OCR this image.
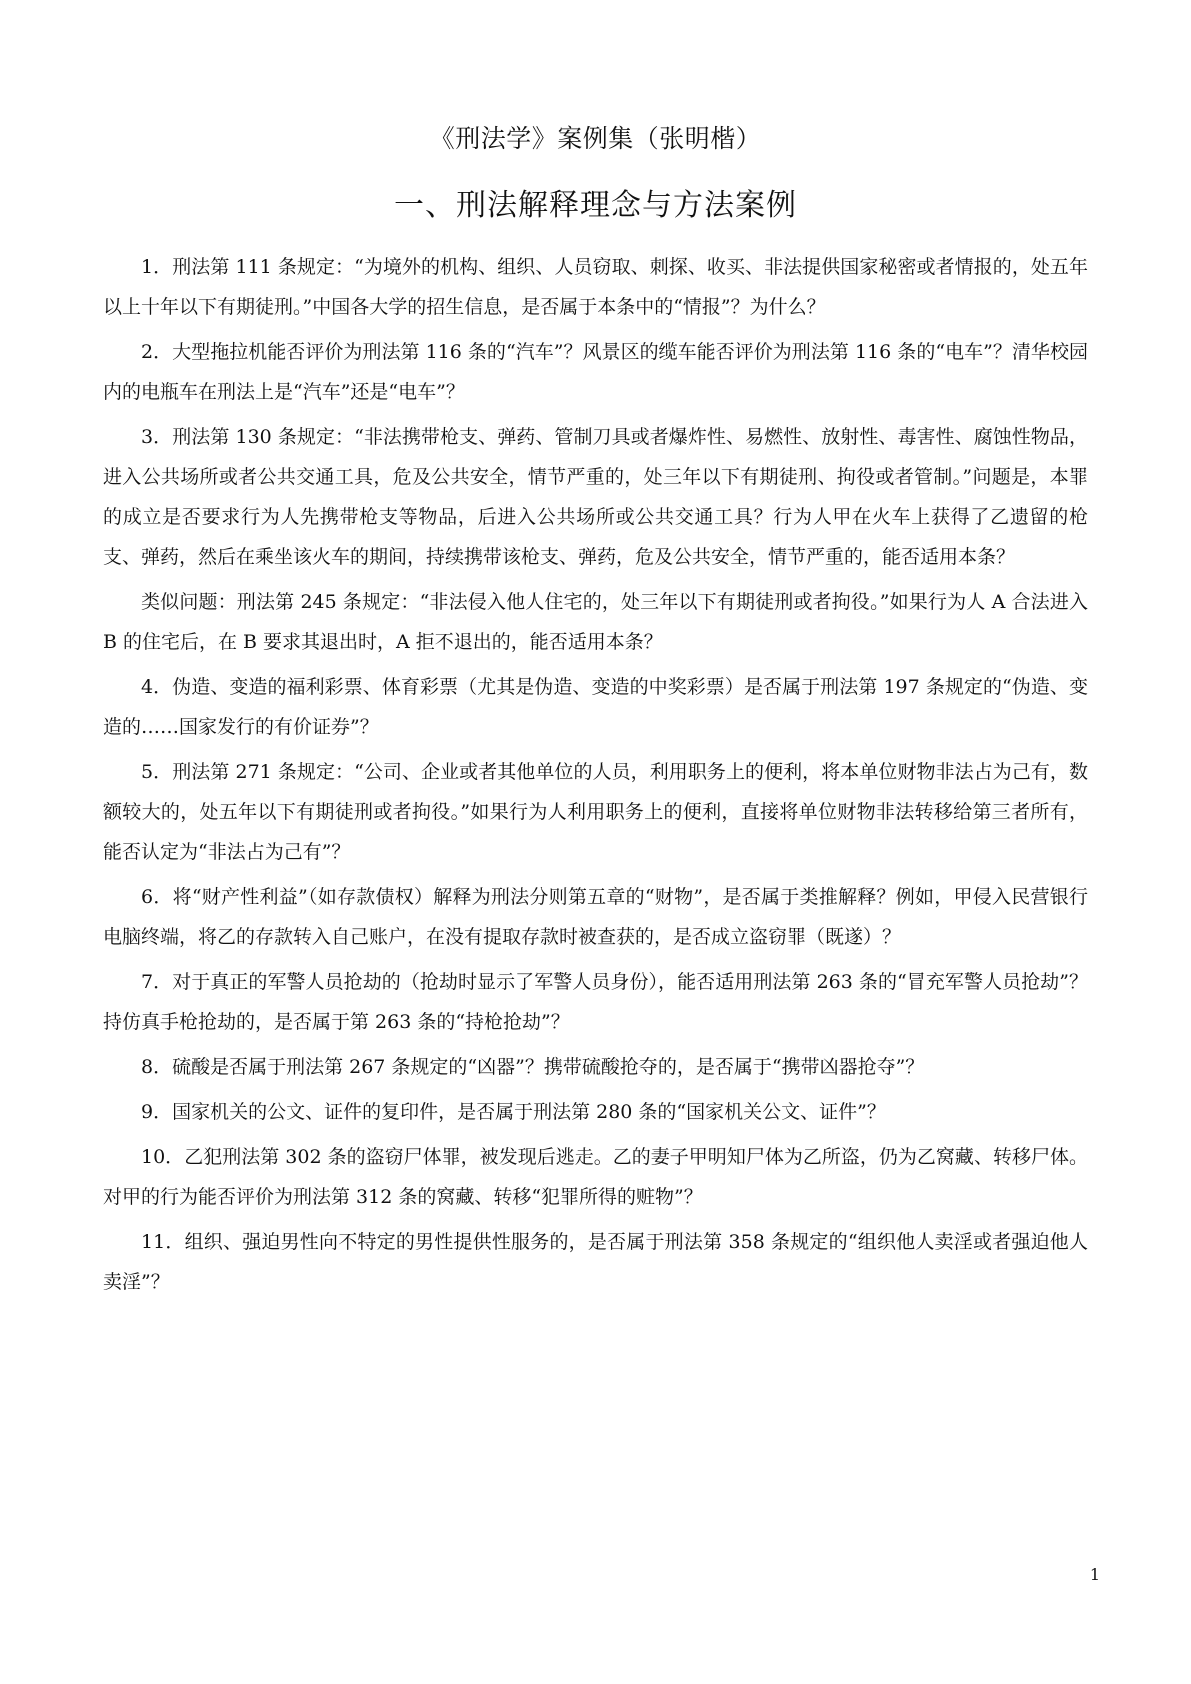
《刑法学》案例集（张明楷）
一、刑法解释理念与方法案例

1．刑法第 111 条规定：“为境外的机构、组织、人员窃取、刺探、收买、非法提供国家秘密或者情报的，处五年以上十年以下有期徒刑。”中国各大学的招生信息，是否属于本条中的“情报”？为什么？

2．大型拖拉机能否评价为刑法第 116 条的“汽车”？风景区的缆车能否评价为刑法第 116 条的“电车”？清华校园内的电瓶车在刑法上是“汽车”还是“电车”？

3．刑法第 130 条规定：“非法携带枪支、弹药、管制刀具或者爆炸性、易燃性、放射性、毒害性、腐蚀性物品，进入公共场所或者公共交通工具，危及公共安全，情节严重的，处三年以下有期徒刑、拘役或者管制。”问题是，本罪的成立是否要求行为人先携带枪支等物品，后进入公共场所或公共交通工具？行为人甲在火车上获得了乙遗留的枪支、弹药，然后在乘坐该火车的期间，持续携带该枪支、弹药，危及公共安全，情节严重的，能否适用本条？

类似问题：刑法第 245 条规定：“非法侵入他人住宅的，处三年以下有期徒刑或者拘役。”如果行为人 A 合法进入 B 的住宅后，在 B 要求其退出时，A 拒不退出的，能否适用本条？

4．伪造、变造的福利彩票、体育彩票（尤其是伪造、变造的中奖彩票）是否属于刑法第 197 条规定的“伪造、变造的……国家发行的有价证券”？

5．刑法第 271 条规定：“公司、企业或者其他单位的人员，利用职务上的便利，将本单位财物非法占为己有，数额较大的，处五年以下有期徒刑或者拘役。”如果行为人利用职务上的便利，直接将单位财物非法转移给第三者所有，能否认定为“非法占为己有”？

6．将“财产性利益”（如存款债权）解释为刑法分则第五章的“财物”，是否属于类推解释？例如，甲侵入民营银行电脑终端，将乙的存款转入自己账户，在没有提取存款时被查获的，是否成立盗窃罪（既遂）？

7．对于真正的军警人员抢劫的（抢劫时显示了军警人员身份），能否适用刑法第 263 条的“冒充军警人员抢劫”？持仿真手枪抢劫的，是否属于第 263 条的“持枪抢劫”？

8．硫酸是否属于刑法第 267 条规定的“凶器”？携带硫酸抢夺的，是否属于“携带凶器抢夺”？

9．国家机关的公文、证件的复印件，是否属于刑法第 280 条的“国家机关公文、证件”？

10．乙犯刑法第 302 条的盗窃尸体罪，被发现后逃走。乙的妻子甲明知尸体为乙所盗，仍为乙窝藏、转移尸体。对甲的行为能否评价为刑法第 312 条的窝藏、转移“犯罪所得的赃物”？

11．组织、强迫男性向不特定的男性提供性服务的，是否属于刑法第 358 条规定的“组织他人卖淫或者强迫他人卖淫”？

1
